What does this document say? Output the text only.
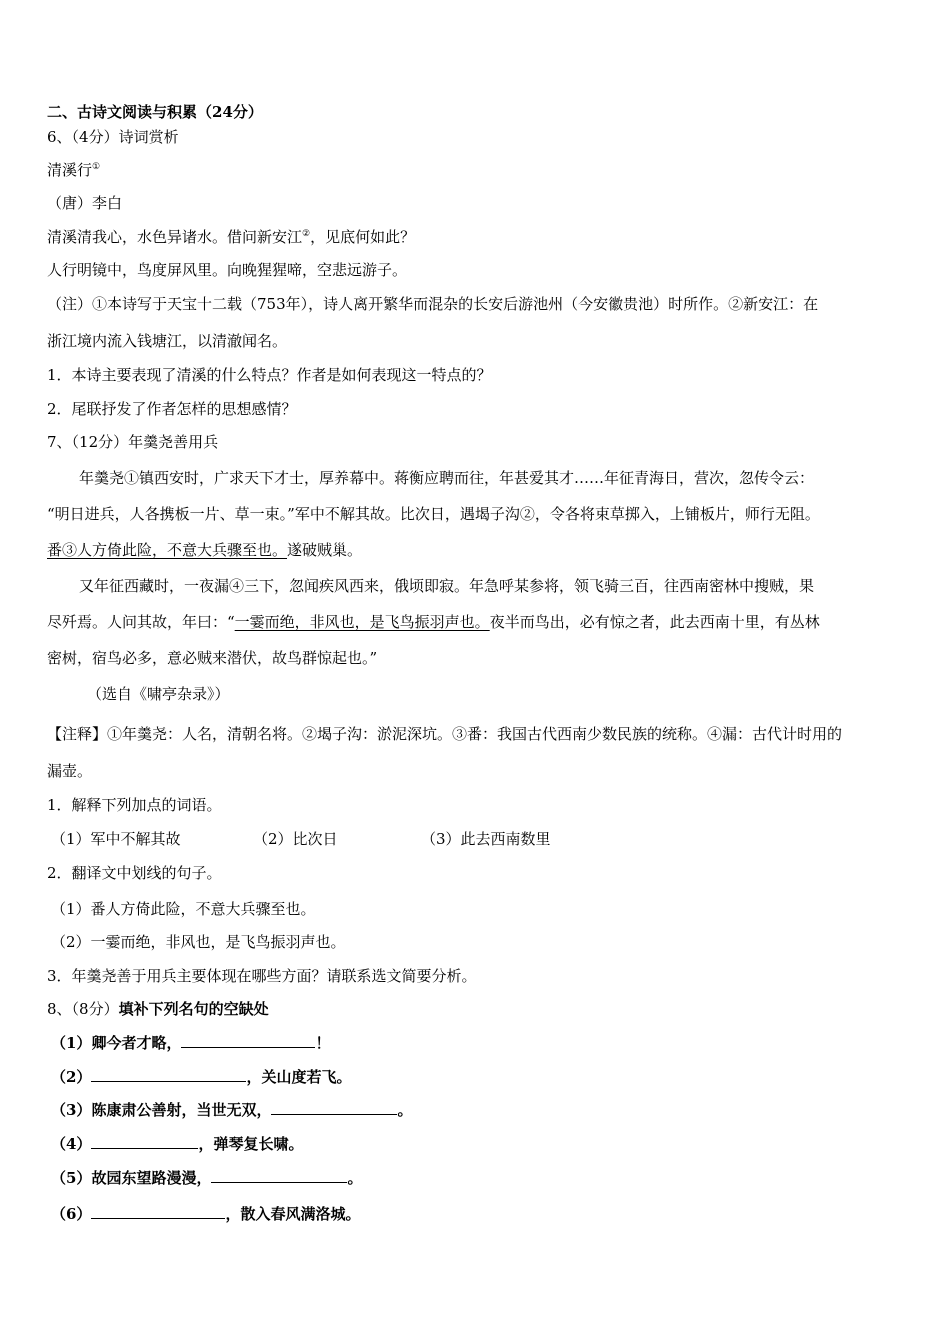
二、古诗文阅读与积累（24分）
6、（4分）诗词赏析
清溪行①
（唐）李白
清溪清我心，水色异诸水。借问新安江②，见底何如此？
人行明镜中，鸟度屏风里。向晚猩猩啼，空悲远游子。
（注）①本诗写于天宝十二载（753年），诗人离开繁华而混杂的长安后游池州（今安徽贵池）时所作。②新安江：在
浙江境内流入钱塘江，以清澈闻名。
1．本诗主要表现了清溪的什么特点？作者是如何表现这一特点的？
2．尾联抒发了作者怎样的思想感情？
7、（12分）年羹尧善用兵
年羹尧①镇西安时，广求天下才士，厚养幕中。蒋衡应聘而往，年甚爱其才……年征青海日，营次，忽传令云：
“明日进兵，人各携板一片、草一束。”军中不解其故。比次日，遇堨子沟②，令各将束草掷入，上铺板片，师行无阻。
番③人方倚此险，不意大兵骤至也。遂破贼巢。
又年征西藏时，一夜漏④三下，忽闻疾风西来，俄顷即寂。年急呼某参将，领飞骑三百，往西南密林中搜贼，果
尽歼焉。人问其故，年曰：“一霎而绝，非风也，是飞鸟振羽声也。夜半而鸟出，必有惊之者，此去西南十里，有丛林
密树，宿鸟必多，意必贼来潜伏，故鸟群惊起也。”
（选自《啸亭杂录》）
【注释】①年羹尧：人名，清朝名将。②堨子沟：淤泥深坑。③番：我国古代西南少数民族的统称。④漏：古代计时用的
漏壶。
1．解释下列加点的词语。
（1）军中不解其故	（2）比次日	（3）此去西南数里
2．翻译文中划线的句子。
（1）番人方倚此险，不意大兵骤至也。
（2）一霎而绝，非风也，是飞鸟振羽声也。
3．年羹尧善于用兵主要体现在哪些方面？请联系选文简要分析。
8、（8分）填补下列名句的空缺处
（1）卿今者才略，	！
（2）	，关山度若飞。
（3）陈康肃公善射，当世无双，	。
（4）	，弹琴复长啸。
（5）故园东望路漫漫，	。
（6）	，散入春风满洛城。
